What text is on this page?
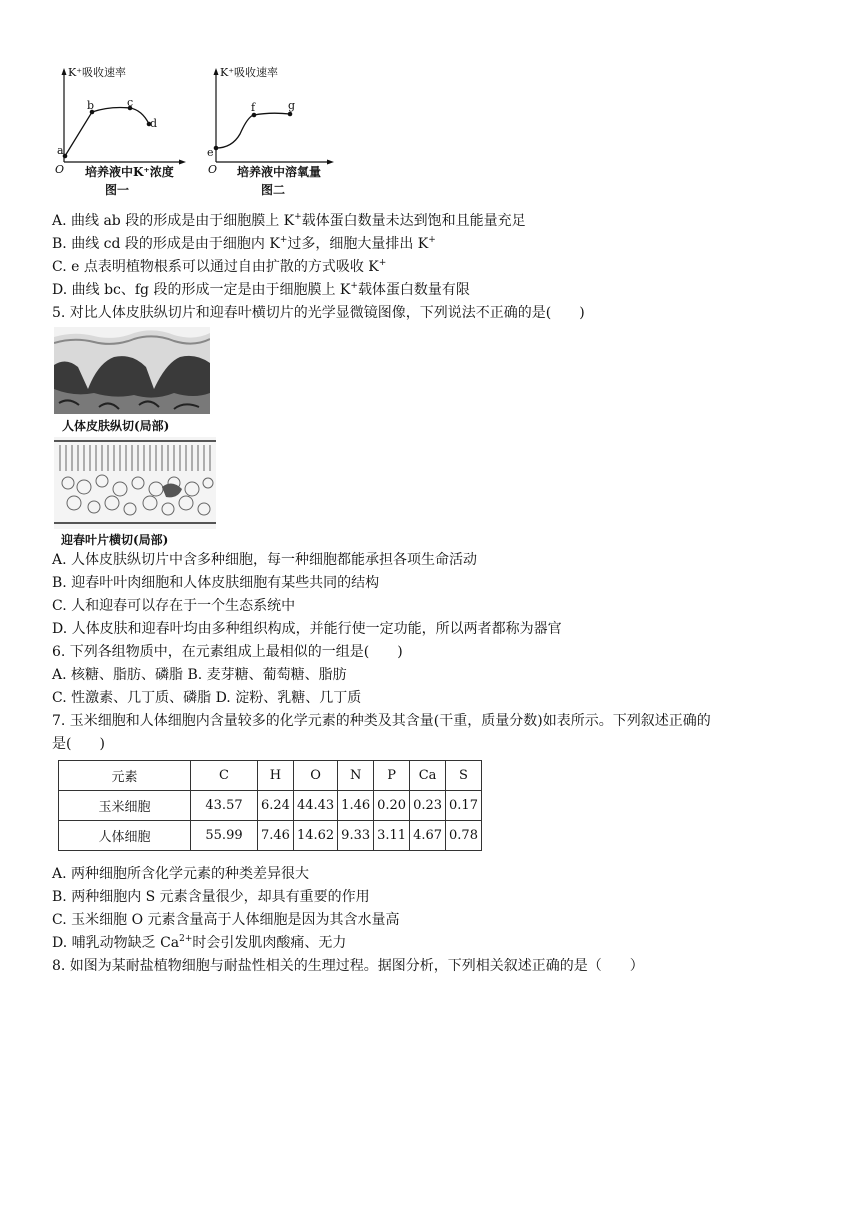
K⁺吸收速率
a
b	c
d
O 培养液中K⁺浓度
图一
K⁺吸收速率
e
f	g
O 培养液中溶氧量
图二
A. 曲线 ab 段的形成是由于细胞膜上 K+载体蛋白数量未达到饱和且能量充足
B. 曲线 cd 段的形成是由于细胞内 K+过多，细胞大量排出 K+
C. e 点表明植物根系可以通过自由扩散的方式吸收 K+
D. 曲线 bc、fg 段的形成一定是由于细胞膜上 K+载体蛋白数量有限
5. 对比人体皮肤纵切片和迎春叶横切片的光学显微镜图像，下列说法不正确的是(　　)
人体皮肤纵切(局部)
迎春叶片横切(局部)
A. 人体皮肤纵切片中含多种细胞，每一种细胞都能承担各项生命活动
B. 迎春叶叶肉细胞和人体皮肤细胞有某些共同的结构
C. 人和迎春可以存在于一个生态系统中
D. 人体皮肤和迎春叶均由多种组织构成，并能行使一定功能，所以两者都称为器官
6. 下列各组物质中，在元素组成上最相似的一组是(　　)
A. 核糖、脂肪、磷脂 B. 麦芽糖、葡萄糖、脂肪
C. 性激素、几丁质、磷脂 D. 淀粉、乳糖、几丁质
7. 玉米细胞和人体细胞内含量较多的化学元素的种类及其含量(干重，质量分数)如表所示。下列叙述正确的
是(　　)
元素	C	H	O	N	P	Ca	S
玉米细胞	43.57	6.24	44.43	1.46	0.20	0.23	0.17
人体细胞	55.99	7.46	14.62	9.33	3.11	4.67	0.78
A. 两种细胞所含化学元素的种类差异很大
B. 两种细胞内 S 元素含量很少，却具有重要的作用
C. 玉米细胞 O 元素含量高于人体细胞是因为其含水量高
D. 哺乳动物缺乏 $Ca^{2+}$时会引发肌肉酸痛、无力
8. 如图为某耐盐植物细胞与耐盐性相关的生理过程。据图分析，下列相关叙述正确的是（　　）
